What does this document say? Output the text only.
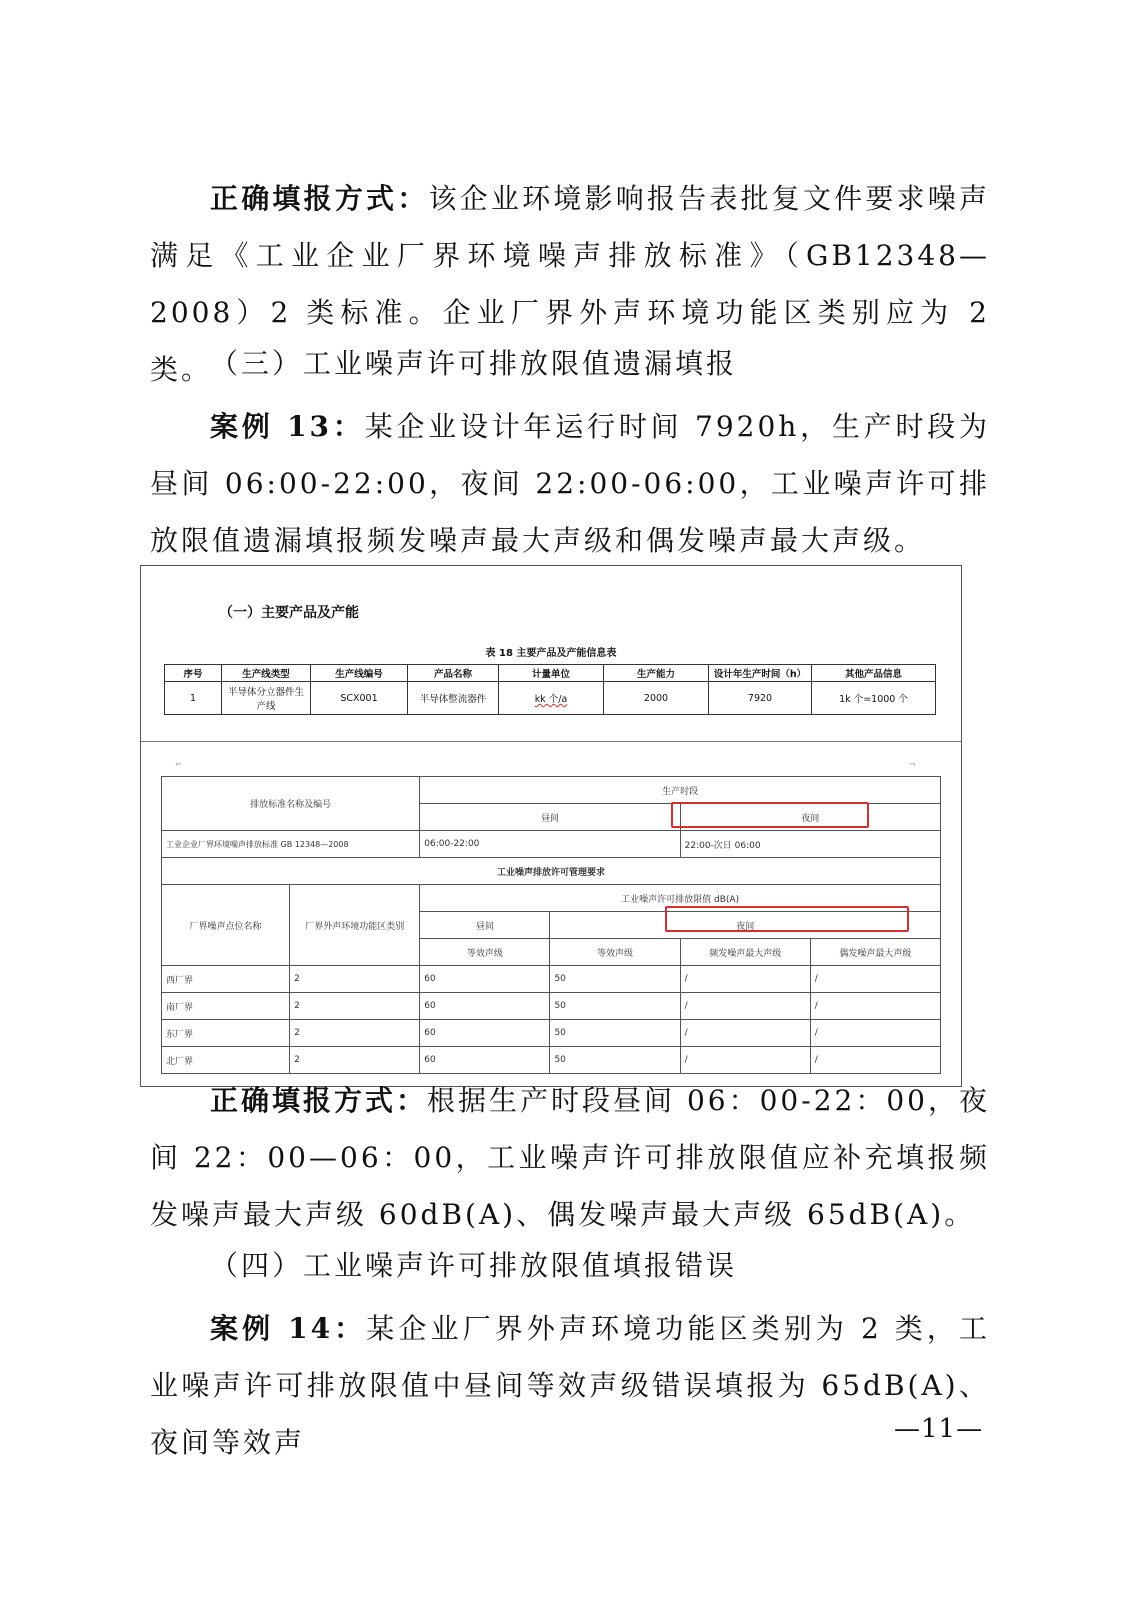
正确填报方式：该企业环境影响报告表批复文件要求噪声满足《工业企业厂界环境噪声排放标准》（GB12348—2008）2 类标准。企业厂界外声环境功能区类别应为 2 类。
（三）工业噪声许可排放限值遗漏填报
案例 13：某企业设计年运行时间 7920h，生产时段为昼间 06:00-22:00，夜间 22:00-06:00，工业噪声许可排放限值遗漏填报频发噪声最大声级和偶发噪声最大声级。
（一）主要产品及产能
表 18 主要产品及产能信息表
序号	生产线类型	生产线编号	产品名称	计量单位	生产能力	设计年生产时间（h）	其他产品信息
1	半导体分立器件生产线	SCX001	半导体整流器件	kk 个/a	2000	7920	1k 个=1000 个
⌐	¬
排放标准名称及编号		生产时段			
		昼间		夜间	
工业企业厂界环境噪声排放标准 GB 12348—2008		06:00-22:00		22:00-次日 06:00	
工业噪声排放许可管理要求					
厂界噪声点位名称	厂界外声环境功能区类别	工业噪声许可排放限值 dB(A)			
		昼间	夜间		
		等效声级	等效声级	频发噪声最大声级	偶发噪声最大声级
西厂界	2	60	50	/	/
南厂界	2	60	50	/	/
东厂界	2	60	50	/	/
北厂界	2	60	50	/	/
正确填报方式：根据生产时段昼间 06：00-22：00，夜间 22：00—06：00，工业噪声许可排放限值应补充填报频发噪声最大声级 60dB(A)、偶发噪声最大声级 65dB(A)。
（四）工业噪声许可排放限值填报错误
案例 14：某企业厂界外声环境功能区类别为 2 类，工业噪声许可排放限值中昼间等效声级错误填报为 65dB(A)、夜间等效声	—11—
